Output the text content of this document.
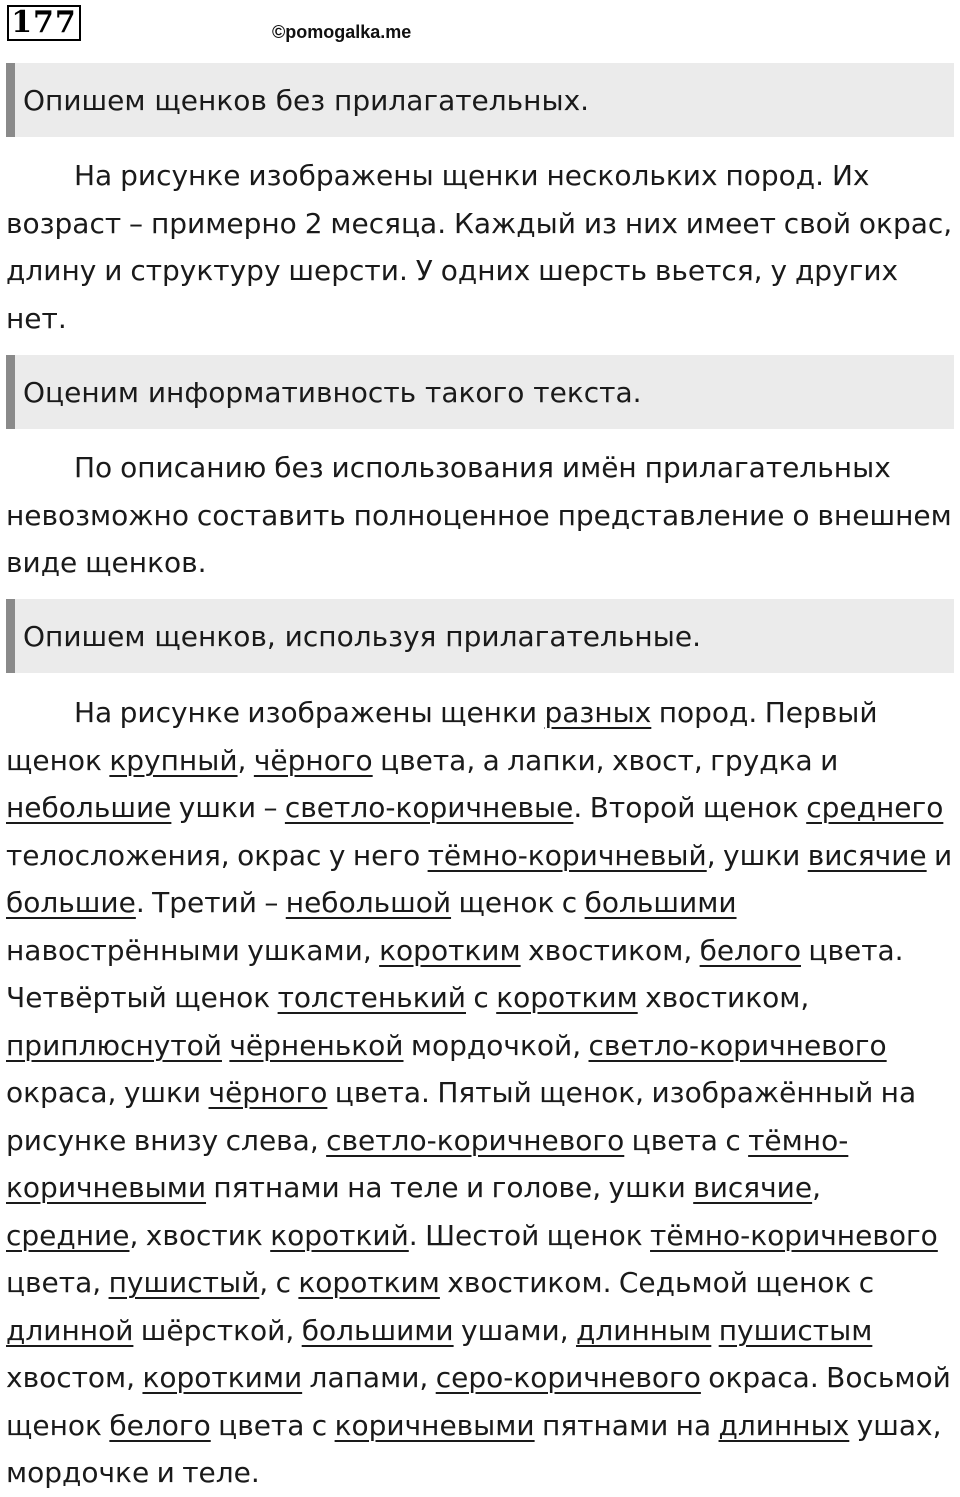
177	©pomogalka.me
Опишем щенков без прилагательных.
На рисунке изображены щенки нескольких пород. Их возраст – примерно 2 месяца. Каждый из них имеет свой окрас, длину и структуру шерсти. У одних шерсть вьется, у других нет.
Оценим информативность такого текста.
По описанию без использования имён прилагательных невозможно составить полноценное представление о внешнем виде щенков.
Опишем щенков, используя прилагательные.
На рисунке изображены щенки разных пород. Первый щенок крупный, чёрного цвета, а лапки, хвост, грудка и небольшие ушки – светло-коричневые. Второй щенок среднего телосложения, окрас у него тёмно-коричневый, ушки висячие и большие. Третий – небольшой щенок с большими навострёнными ушками, коротким хвостиком, белого цвета. Четвёртый щенок толстенький с коротким хвостиком, приплюснутой чёрненькой мордочкой, светло-коричневого окраса, ушки чёрного цвета. Пятый щенок, изображённый на рисунке внизу слева, светло-коричневого цвета с тёмно-коричневыми пятнами на теле и голове, ушки висячие, средние, хвостик короткий. Шестой щенок тёмно-коричневого цвета, пушистый, с коротким хвостиком. Седьмой щенок с длинной шёрсткой, большими ушами, длинным пушистым хвостом, короткими лапами, серо-коричневого окраса. Восьмой щенок белого цвета с коричневыми пятнами на длинных ушах, мордочке и теле.
